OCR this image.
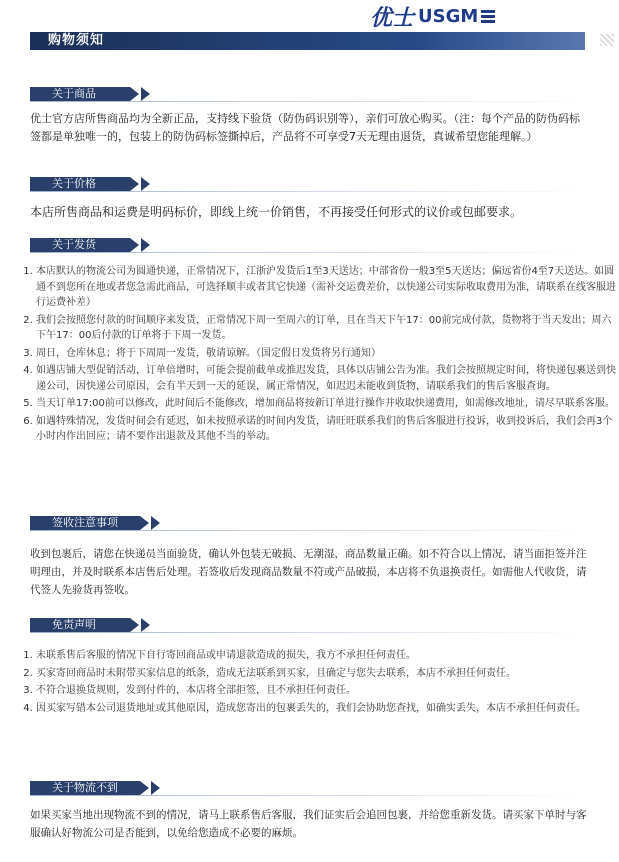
优士 USGM
购物须知
关于商品

优士官方店所售商品均为全新正品，支持线下验货（防伪码识别等），亲们可放心购买。（注：每个产品的防伪码标签都是单独唯一的，包装上的防伪码标签撕掉后，产品将不可享受7天无理由退货，真诚希望您能理解。）

关于价格

本店所售商品和运费是明码标价，即线上统一价销售，不再接受任何形式的议价或包邮要求。

关于发货
1. 本店默认的物流公司为圆通快递，正常情况下，江浙沪发货后1至3天送达；中部省份一般3至5天送达；偏远省份4至7天送达。如圆通不到您所在地或者您急需此商品，可选择顺丰或者其它快递（需补交运费差价，以快递公司实际收取费用为准，请联系在线客服进行运费补差）
2. 我们会按照您付款的时间顺序来发货，正常情况下周一至周六的订单，且在当天下午17：00前完成付款，货物将于当天发出；周六下午17：00后付款的订单将于下周一发货。
3. 周日，仓库休息；将于下周周一发货，敬请谅解。（国定假日发货将另行通知）
4. 如遇店铺大型促销活动，订单倍增时，可能会提前截单或推迟发货，具体以店铺公告为准。我们会按照规定时间，将快递包裹送到快递公司，因快递公司原因，会有半天到一天的延误，属正常情况，如迟迟未能收到货物，请联系我们的售后客服查询。
5. 当天订单17:00前可以修改，此时间后不能修改，增加商品将按新订单进行操作并收取快递费用，如需修改地址，请尽早联系客服。
6. 如遇特殊情况，发货时间会有延迟，如未按照承诺的时间内发货，请旺旺联系我们的售后客服进行投诉，收到投诉后，我们会再3个小时内作出回应；请不要作出退款及其他不当的举动。
签收注意事项

收到包裹后，请您在快递员当面验货，确认外包装无破损、无潮湿，商品数量正确。如不符合以上情况，请当面拒签并注明理由，并及时联系本店售后处理。若签收后发现商品数量不符或产品破损，本店将不负退换责任。如需他人代收货，请代签人先验货再签收。

免责声明
1. 未联系售后客服的情况下自行寄回商品或申请退款造成的损失，我方不承担任何责任。
2. 买家寄回商品时未附带买家信息的纸条，造成无法联系到买家，且确定与您失去联系，本店不承担任何责任。
3. 不符合退换货规则，发到付件的，本店将全部拒签，且不承担任何责任。
4. 因买家写错本公司退货地址或其他原因，造成您寄出的包裹丢失的，我们会协助您查找，如确实丢失，本店不承担任何责任。
关于物流不到

如果买家当地出现物流不到的情况，请马上联系售后客服，我们证实后会追回包裹，并给您重新发货。请买家下单时与客服确认好物流公司是否能到，以免给您造成不必要的麻烦。
